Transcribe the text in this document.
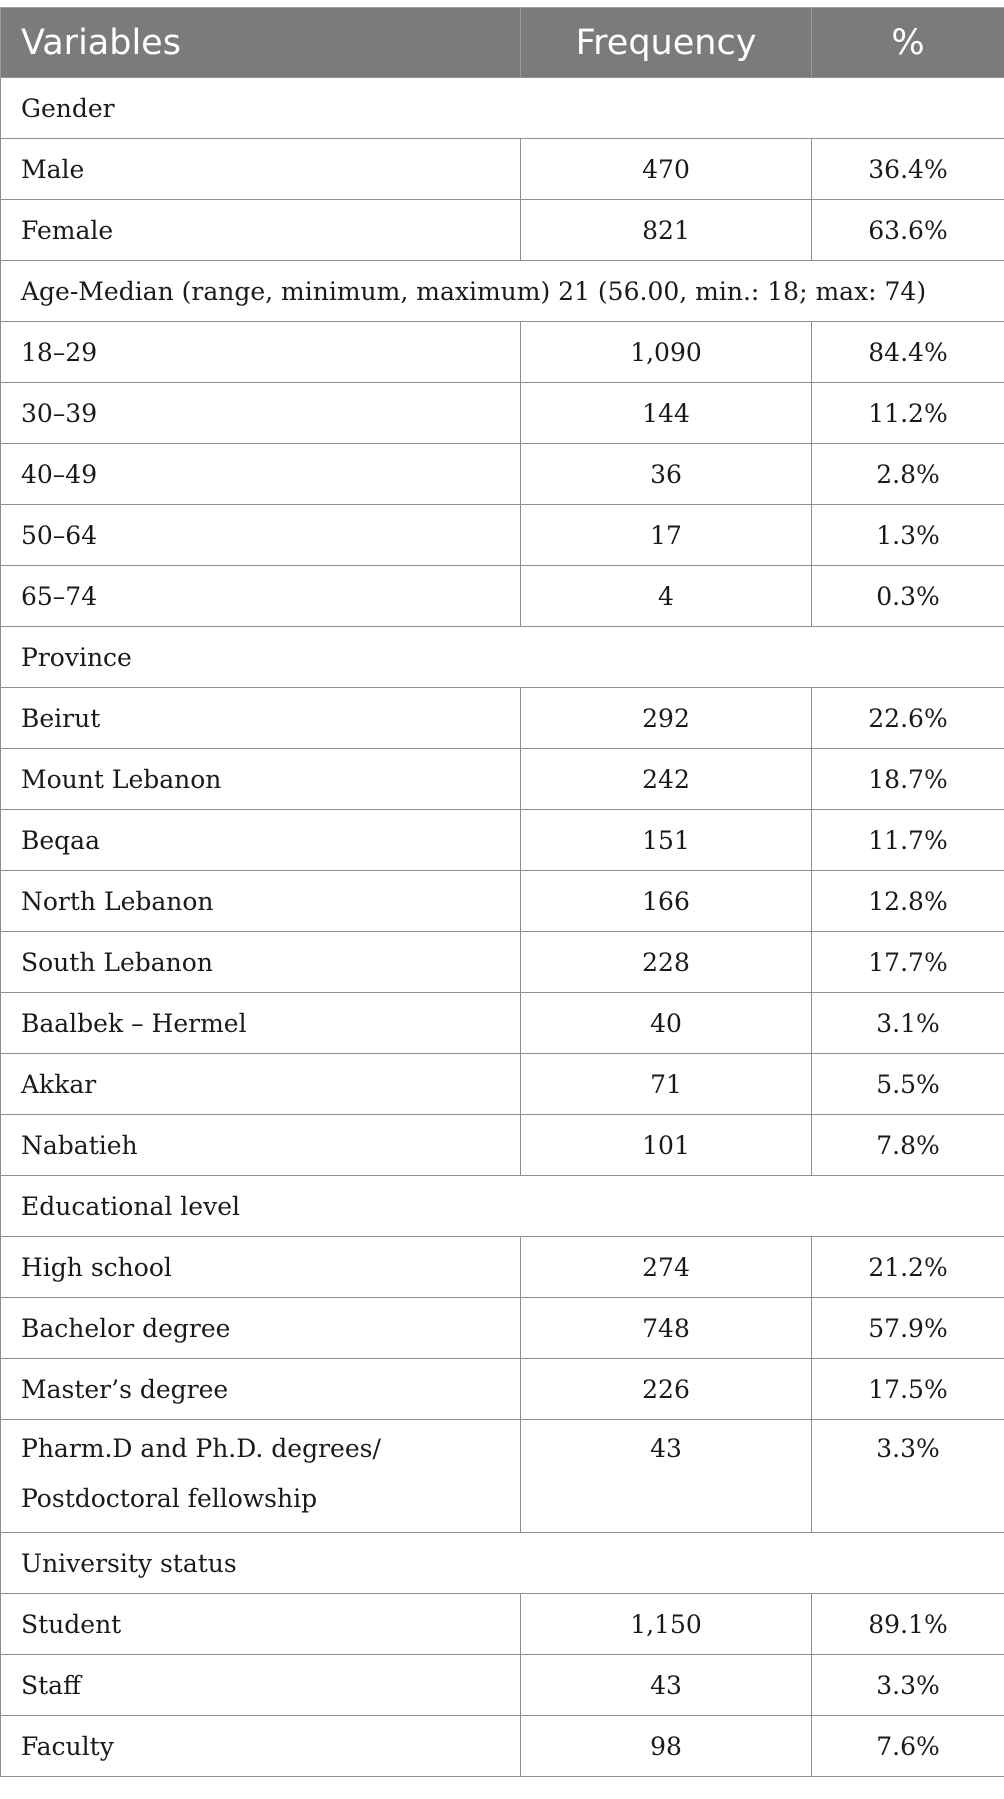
Variables	Frequency	%
Gender		
Male	470	36.4%
Female	821	63.6%
Age-Median (range, minimum, maximum) 21 (56.00, min.: 18; max: 74)		
18–29	1,090	84.4%
30–39	144	11.2%
40–49	36	2.8%
50–64	17	1.3%
65–74	4	0.3%
Province		
Beirut	292	22.6%
Mount Lebanon	242	18.7%
Beqaa	151	11.7%
North Lebanon	166	12.8%
South Lebanon	228	17.7%
Baalbek – Hermel	40	3.1%
Akkar	71	5.5%
Nabatieh	101	7.8%
Educational level		
High school	274	21.2%
Bachelor degree	748	57.9%
Master’s degree	226	17.5%

Pharm.D and Ph.D. degrees/
Postdoctoral fellowship	43	3.3%
University status		
Student	1,150	89.1%
Staff	43	3.3%
Faculty	98	7.6%
